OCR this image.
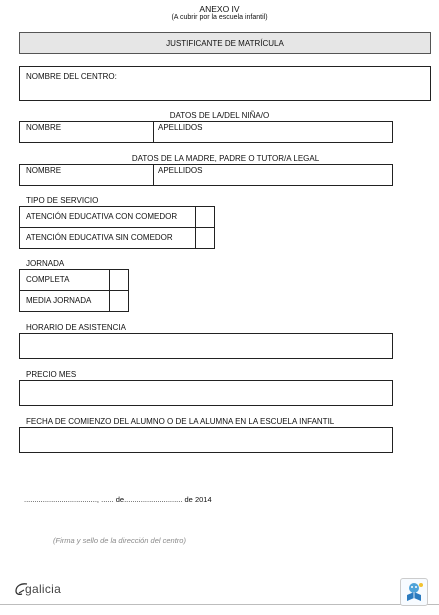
ANEXO IV
(A cubrir por la escuela infantil)
JUSTIFICANTE DE MATRÍCULA
NOMBRE DEL CENTRO:
DATOS DE LA/DEL NIÑA/O
NOMBRE	APELLIDOS
DATOS DE LA MADRE, PADRE O TUTOR/A LEGAL
NOMBRE	APELLIDOS
TIPO DE SERVICIO
ATENCIÓN EDUCATIVA CON COMEDOR
ATENCIÓN EDUCATIVA SIN COMEDOR
JORNADA
COMPLETA
MEDIA JORNADA
HORARIO DE ASISTENCIA
PRECIO MES
FECHA DE COMIENZO DEL ALUMNO O DE LA ALUMNA EN LA ESCUELA INFANTIL
..................................., ...... de............................ de 2014
(Firma y sello de la dirección del centro)
galicia
